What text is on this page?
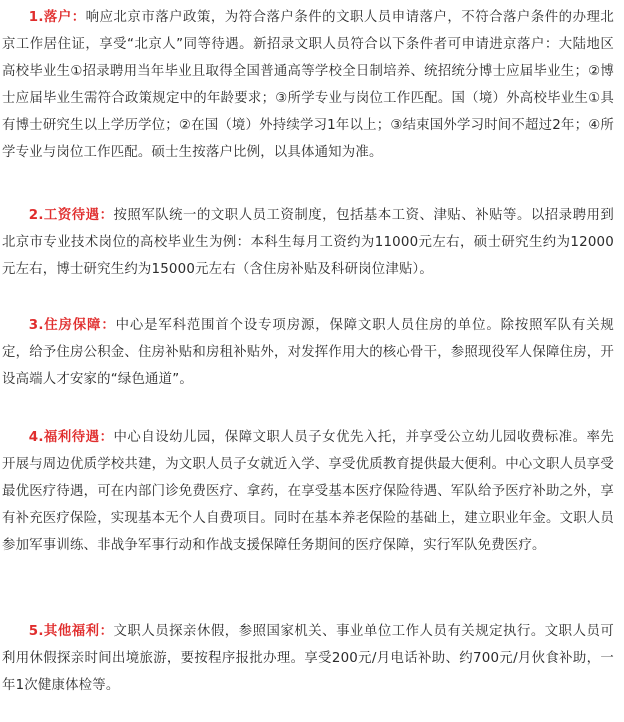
1.落户：响应北京市落户政策，为符合落户条件的文职人员申请落户，不符合落户条件的办理北京工作居住证，享受“北京人”同等待遇。新招录文职人员符合以下条件者可申请进京落户：大陆地区高校毕业生①招录聘用当年毕业且取得全国普通高等学校全日制培养、统招统分博士应届毕业生；②博士应届毕业生需符合政策规定中的年龄要求；③所学专业与岗位工作匹配。国（境）外高校毕业生①具有博士研究生以上学历学位；②在国（境）外持续学习1年以上；③结束国外学习时间不超过2年；④所学专业与岗位工作匹配。硕士生按落户比例，以具体通知为准。

2.工资待遇：按照军队统一的文职人员工资制度，包括基本工资、津贴、补贴等。以招录聘用到北京市专业技术岗位的高校毕业生为例：本科生每月工资约为11000元左右，硕士研究生约为12000元左右，博士研究生约为15000元左右（含住房补贴及科研岗位津贴）。

3.住房保障：中心是军科范围首个设专项房源，保障文职人员住房的单位。除按照军队有关规定，给予住房公积金、住房补贴和房租补贴外，对发挥作用大的核心骨干，参照现役军人保障住房，开设高端人才安家的“绿色通道”。

4.福利待遇：中心自设幼儿园，保障文职人员子女优先入托，并享受公立幼儿园收费标准。率先开展与周边优质学校共建，为文职人员子女就近入学、享受优质教育提供最大便利。中心文职人员享受最优医疗待遇，可在内部门诊免费医疗、拿药，在享受基本医疗保险待遇、军队给予医疗补助之外，享有补充医疗保险，实现基本无个人自费项目。同时在基本养老保险的基础上，建立职业年金。文职人员参加军事训练、非战争军事行动和作战支援保障任务期间的医疗保障，实行军队免费医疗。

5.其他福利：文职人员探亲休假，参照国家机关、事业单位工作人员有关规定执行。文职人员可利用休假探亲时间出境旅游，要按程序报批办理。享受200元/月电话补助、约700元/月伙食补助，一年1次健康体检等。
